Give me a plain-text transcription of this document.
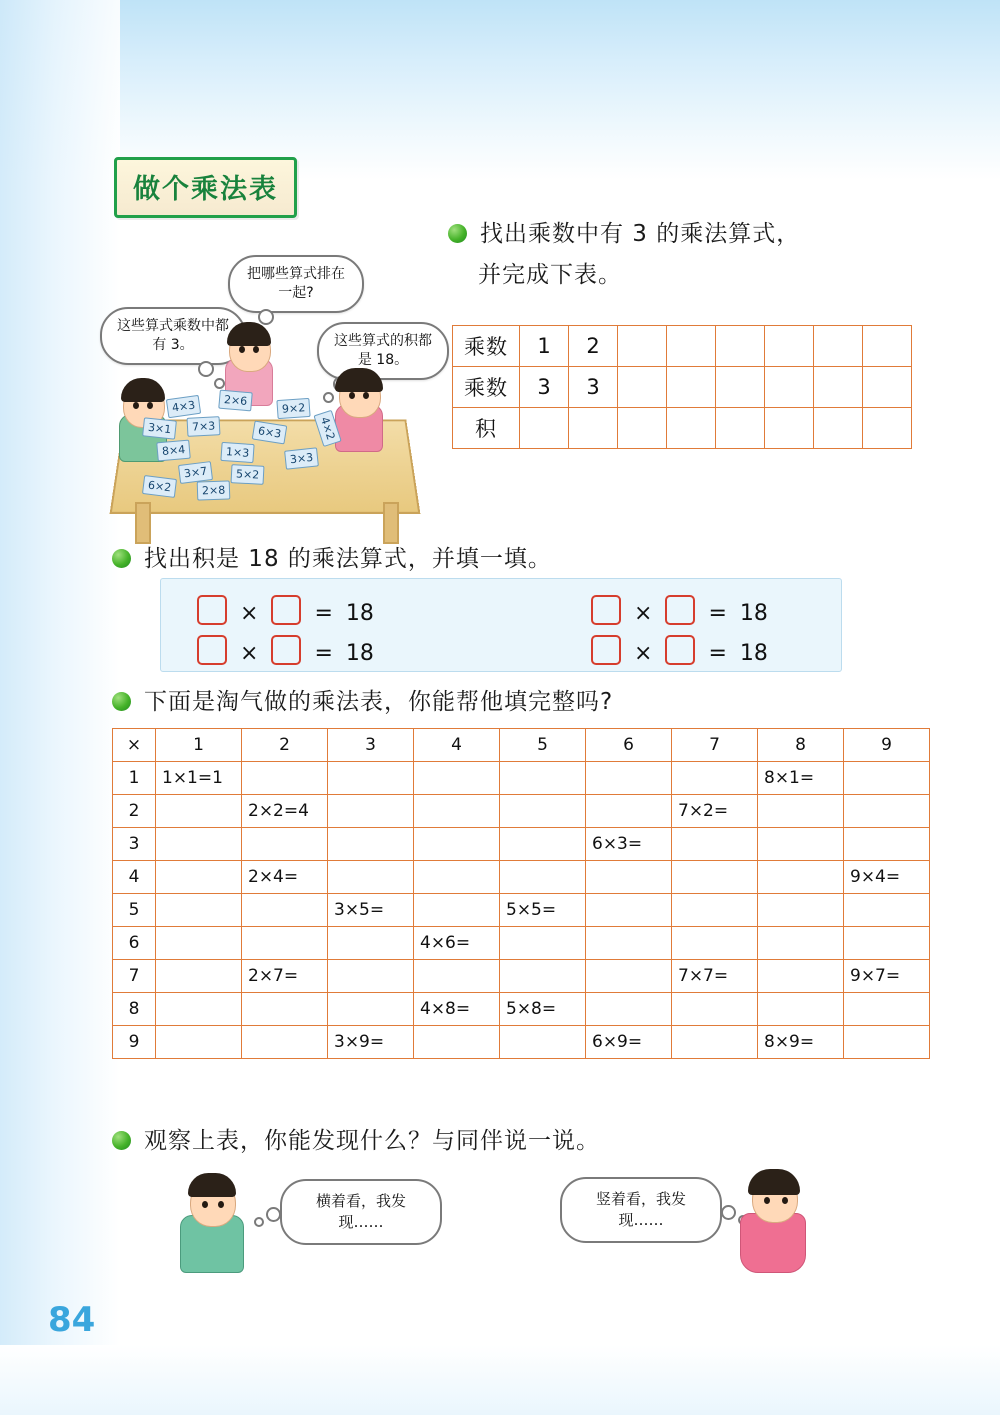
做个乘法表
找出乘数中有 3 的乘法算式，
并完成下表。
乘数	1	2						
乘数	3	3						
积								
这些算式乘数中都有 3。
把哪些算式排在一起?
这些算式的积都是 18。
4×3	2×6
9×2
3×1	7×3	6×3
8×4	1×3
3×7	5×2
3×3
6×2	2×8
4×2
找出积是 18 的乘法算式，并填一填。
×	= 18
×	= 18
×	= 18
×	= 18
下面是淘气做的乘法表，你能帮他填完整吗?
×	1	2	3	4	5	6	7	8	9
1	1×1=1							8×1=	
2		2×2=4					7×2=		
3						6×3=			
4		2×4=							9×4=
5			3×5=		5×5=				
6				4×6=					
7		2×7=					7×7=		9×7=
8				4×8=	5×8=				
9			3×9=			6×9=		8×9=	
观察上表，你能发现什么？与同伴说一说。
横着看，我发现……
竖着看，我发现……
84
